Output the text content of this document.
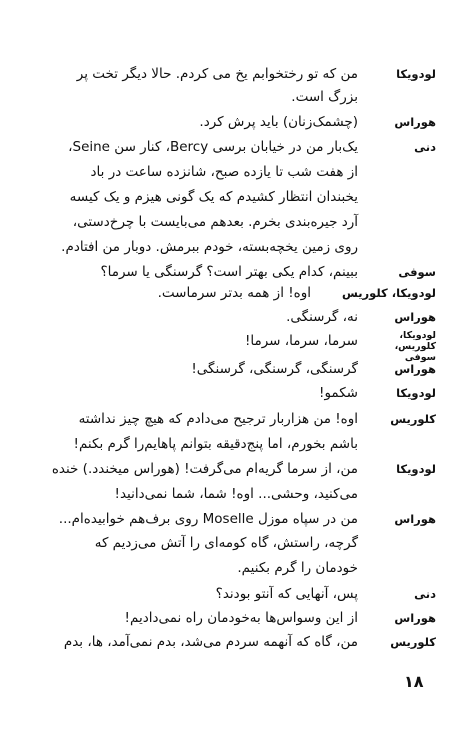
لودویکا
من که تو رختخوابم یخ می کردم. حالا دیگر تخت پر
بزرگ است.
هوراس
(چشمک‌زنان) باید پرش کرد.
دنی
یک‌بار من در خیابان برسی Bercy، کنار سن Seine،
از هفت شب تا یازده صبح، شانزده ساعت در باد
یخبندان انتظار کشیدم که یک گونی هیزم و یک کیسه
آرد جیره‌بندی بخرم. بعدهم می‌بایست با چرخ‌دستی،
روی زمین یخچه‌بسته، خودم ببرمش. دوبار من افتادم.
سوفی
ببینم، کدام یکی بهتر است؟ گرسنگی یا سرما؟
لودویکا، کلوریس
اوه! از همه بدتر سرماست.
هوراس
نه، گرسنگی.
لودویکا، کلوریس، سوفی
سرما، سرما، سرما!
هوراس
گرسنگی، گرسنگی، گرسنگی!
لودویکا
شکمو!
کلوریس
اوه! من هزاربار ترجیح می‌دادم که هیچ چیز نداشته
باشم بخورم، اما پنج‌دقیقه بتوانم پاهایم‌را گرم بکنم!
لودویکا
من، از سرما گریه‌ام می‌گرفت! (هوراس میخندد.) خنده
می‌کنید، وحشی... اوه! شما، شما نمی‌دانید!
هوراس
من در سپاه موزل Moselle روی برف‌هم خوابیده‌ام...
گرچه، راستش، گاه کومه‌ای را آتش می‌زدیم که
خودمان را گرم بکنیم.
دنی
پس، آنهایی که آنتو بودند؟
هوراس
از این وسواس‌ها به‌خودمان راه نمی‌دادیم!
کلوریس
من، گاه که آنهمه سردم می‌شد، بدم نمی‌آمد، ها، بدم
۱۸
